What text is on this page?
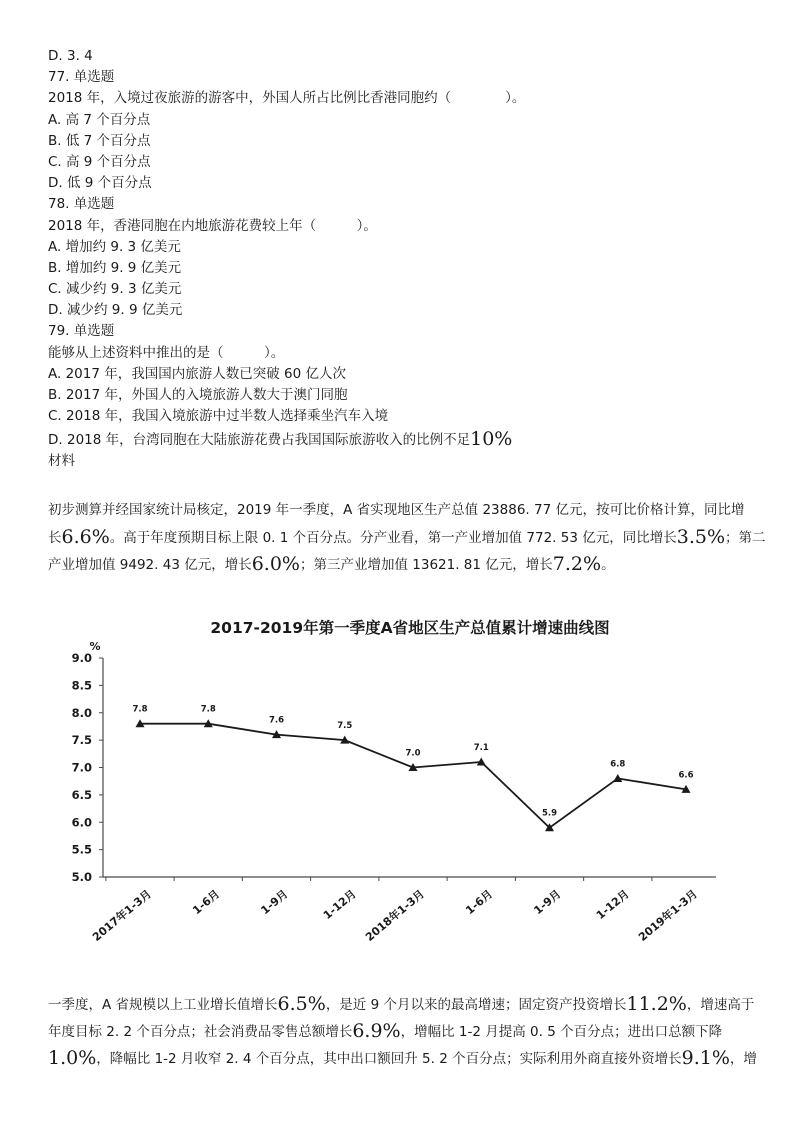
D. 3. 4
77. 单选题
2018 年，入境过夜旅游的游客中，外国人所占比例比香港同胞约（　　　　）。
A. 高 7 个百分点
B. 低 7 个百分点
C. 高 9 个百分点
D. 低 9 个百分点
78. 单选题
2018 年，香港同胞在内地旅游花费较上年（　　　）。
A. 增加约 9. 3 亿美元
B. 增加约 9. 9 亿美元
C. 减少约 9. 3 亿美元
D. 减少约 9. 9 亿美元
79. 单选题
能够从上述资料中推出的是（　　　）。
A. 2017 年，我国国内旅游人数已突破 60 亿人次
B. 2017 年，外国人的入境旅游人数大于澳门同胞
C. 2018 年，我国入境旅游中过半数人选择乘坐汽车入境
D. 2018 年，台湾同胞在大陆旅游花费占我国国际旅游收入的比例不足10%
材料
初步测算并经国家统计局核定，2019 年一季度，A 省实现地区生产总值 23886. 77 亿元，按可比价格计算，同比增
长6.6%。高于年度预期目标上限 0. 1 个百分点。分产业看，第一产业增加值 772. 53 亿元，同比增长3.5%；第二
产业增加值 9492. 43 亿元，增长6.0%；第三产业增加值 13621. 81 亿元，增长7.2%。
2017-2019年第一季度A省地区生产总值累计增速曲线图
%
5.0
5.5
6.0
6.5
7.0
7.5
8.0
8.5
9.0
2017年1-3月	1-6月	1-9月	1-12月 2018年1-3月	1-6月	1-9月	1-12月 2019年1-3月
7.8	7.8
7.6
7.5
7.0
7.1
5.9
6.8
6.6
一季度，A 省规模以上工业增长值增长6.5%，是近 9 个月以来的最高增速；固定资产投资增长11.2%，增速高于
年度目标 2. 2 个百分点；社会消费品零售总额增长6.9%，增幅比 1-2 月提高 0. 5 个百分点；进出口总额下降
1.0%，降幅比 1-2 月收窄 2. 4 个百分点，其中出口额回升 5. 2 个百分点；实际利用外商直接外资增长9.1%，增
